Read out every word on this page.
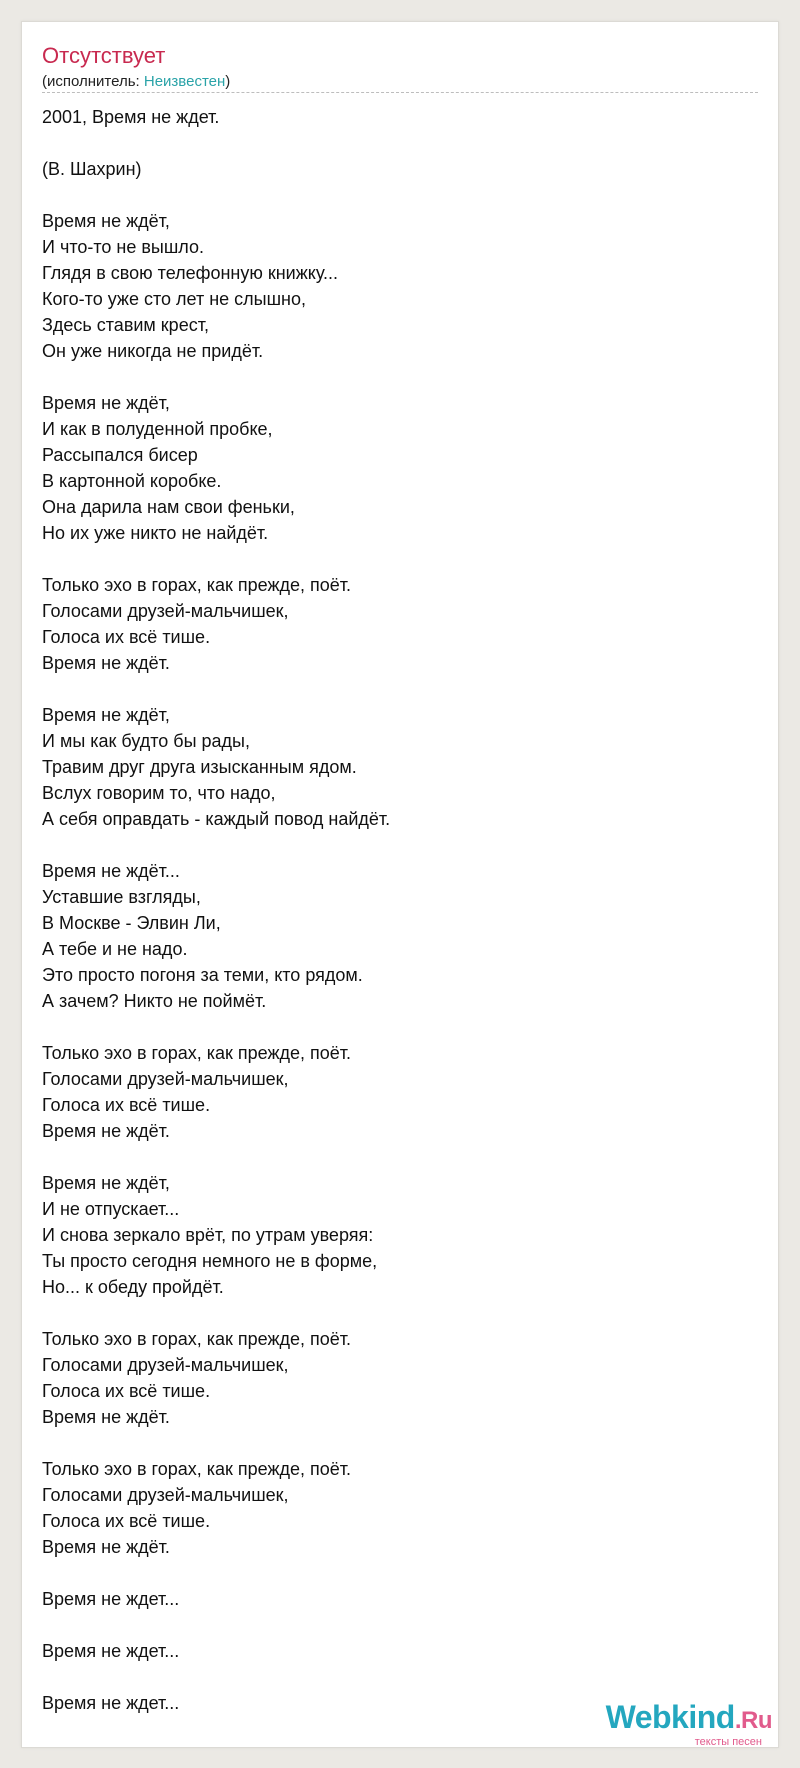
Отсутствует
(исполнитель: Неизвестен)
2001, Время не ждет.
(В. Шахрин)
Время не ждёт,
И что-то не вышло.
Глядя в свою телефонную книжку...
Кого-то уже сто лет не слышно,
Здесь ставим крест,
Он уже никогда не придёт.
Время не ждёт,
И как в полуденной пробке,
Рассыпался бисер
В картонной коробке.
Она дарила нам свои феньки,
Но их уже никто не найдёт.
Только эхо в горах, как прежде, поёт.
Голосами друзей-мальчишек,
Голоса их всё тише.
Время не ждёт.
Время не ждёт,
И мы как будто бы рады,
Травим друг друга изысканным ядом.
Вслух говорим то, что надо,
А себя оправдать - каждый повод найдёт.
Время не ждёт...
Уставшие взгляды,
В Москве - Элвин Ли,
А тебе и не надо.
Это просто погоня за теми, кто рядом.
А зачем? Никто не поймёт.
Только эхо в горах, как прежде, поёт.
Голосами друзей-мальчишек,
Голоса их всё тише.
Время не ждёт.
Время не ждёт,
И не отпускает...
И снова зеркало врёт, по утрам уверяя:
Ты просто сегодня немного не в форме,
Но... к обеду пройдёт.
Только эхо в горах, как прежде, поёт.
Голосами друзей-мальчишек,
Голоса их всё тише.
Время не ждёт.
Только эхо в горах, как прежде, поёт.
Голосами друзей-мальчишек,
Голоса их всё тише.
Время не ждёт.
Время не ждет...
Время не ждет...
Время не ждет...	Webkind.Ru
тексты песен
